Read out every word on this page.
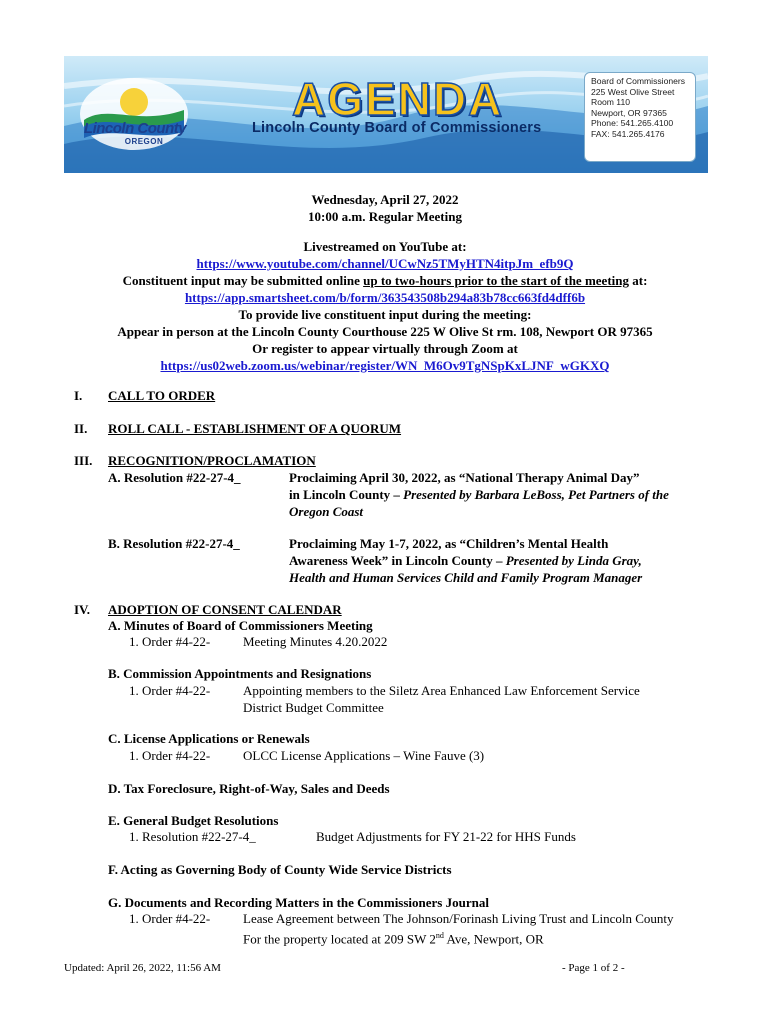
Lincoln County
OREGON
AGENDA
Lincoln County Board of Commissioners
Board of Commissioners
225 West Olive Street
Room 110
Newport, OR 97365
Phone: 541.265.4100
FAX: 541.265.4176
Wednesday, April 27, 2022
10:00 a.m. Regular Meeting
Livestreamed on YouTube at:
https://www.youtube.com/channel/UCwNz5TMyHTN4itpJm_efb9Q
Constituent input may be submitted online up to two-hours prior to the start of the meeting at:
https://app.smartsheet.com/b/form/363543508b294a83b78cc663fd4dff6b
To provide live constituent input during the meeting:
Appear in person at the Lincoln County Courthouse 225 W Olive St rm. 108, Newport OR 97365
Or register to appear virtually through Zoom at
https://us02web.zoom.us/webinar/register/WN_M6Ov9TgNSpKxLJNF_wGKXQ
I. CALL TO ORDER
II. ROLL CALL - ESTABLISHMENT OF A QUORUM
III. RECOGNITION/PROCLAMATION
A. Resolution #22-27-4_	Proclaiming April 30, 2022, as “National Therapy Animal Day”
in Lincoln County – Presented by Barbara LeBoss, Pet Partners of the
Oregon Coast
B. Resolution #22-27-4_	Proclaiming May 1-7, 2022, as “Children’s Mental Health
Awareness Week” in Lincoln County – Presented by Linda Gray,
Health and Human Services Child and Family Program Manager
IV. ADOPTION OF CONSENT CALENDAR
A. Minutes of Board of Commissioners Meeting
1. Order #4-22-	Meeting Minutes 4.20.2022
B. Commission Appointments and Resignations
1. Order #4-22-	Appointing members to the Siletz Area Enhanced Law Enforcement Service
District Budget Committee
C. License Applications or Renewals
1. Order #4-22-	OLCC License Applications – Wine Fauve (3)
D. Tax Foreclosure, Right-of-Way, Sales and Deeds
E. General Budget Resolutions
1. Resolution #22-27-4_	Budget Adjustments for FY 21-22 for HHS Funds
F. Acting as Governing Body of County Wide Service Districts
G. Documents and Recording Matters in the Commissioners Journal
1. Order #4-22-	Lease Agreement between The Johnson/Forinash Living Trust and Lincoln County
For the property located at 209 SW 2nd Ave, Newport, OR
Updated: April 26, 2022, 11:56 AM	- Page 1 of 2 -
